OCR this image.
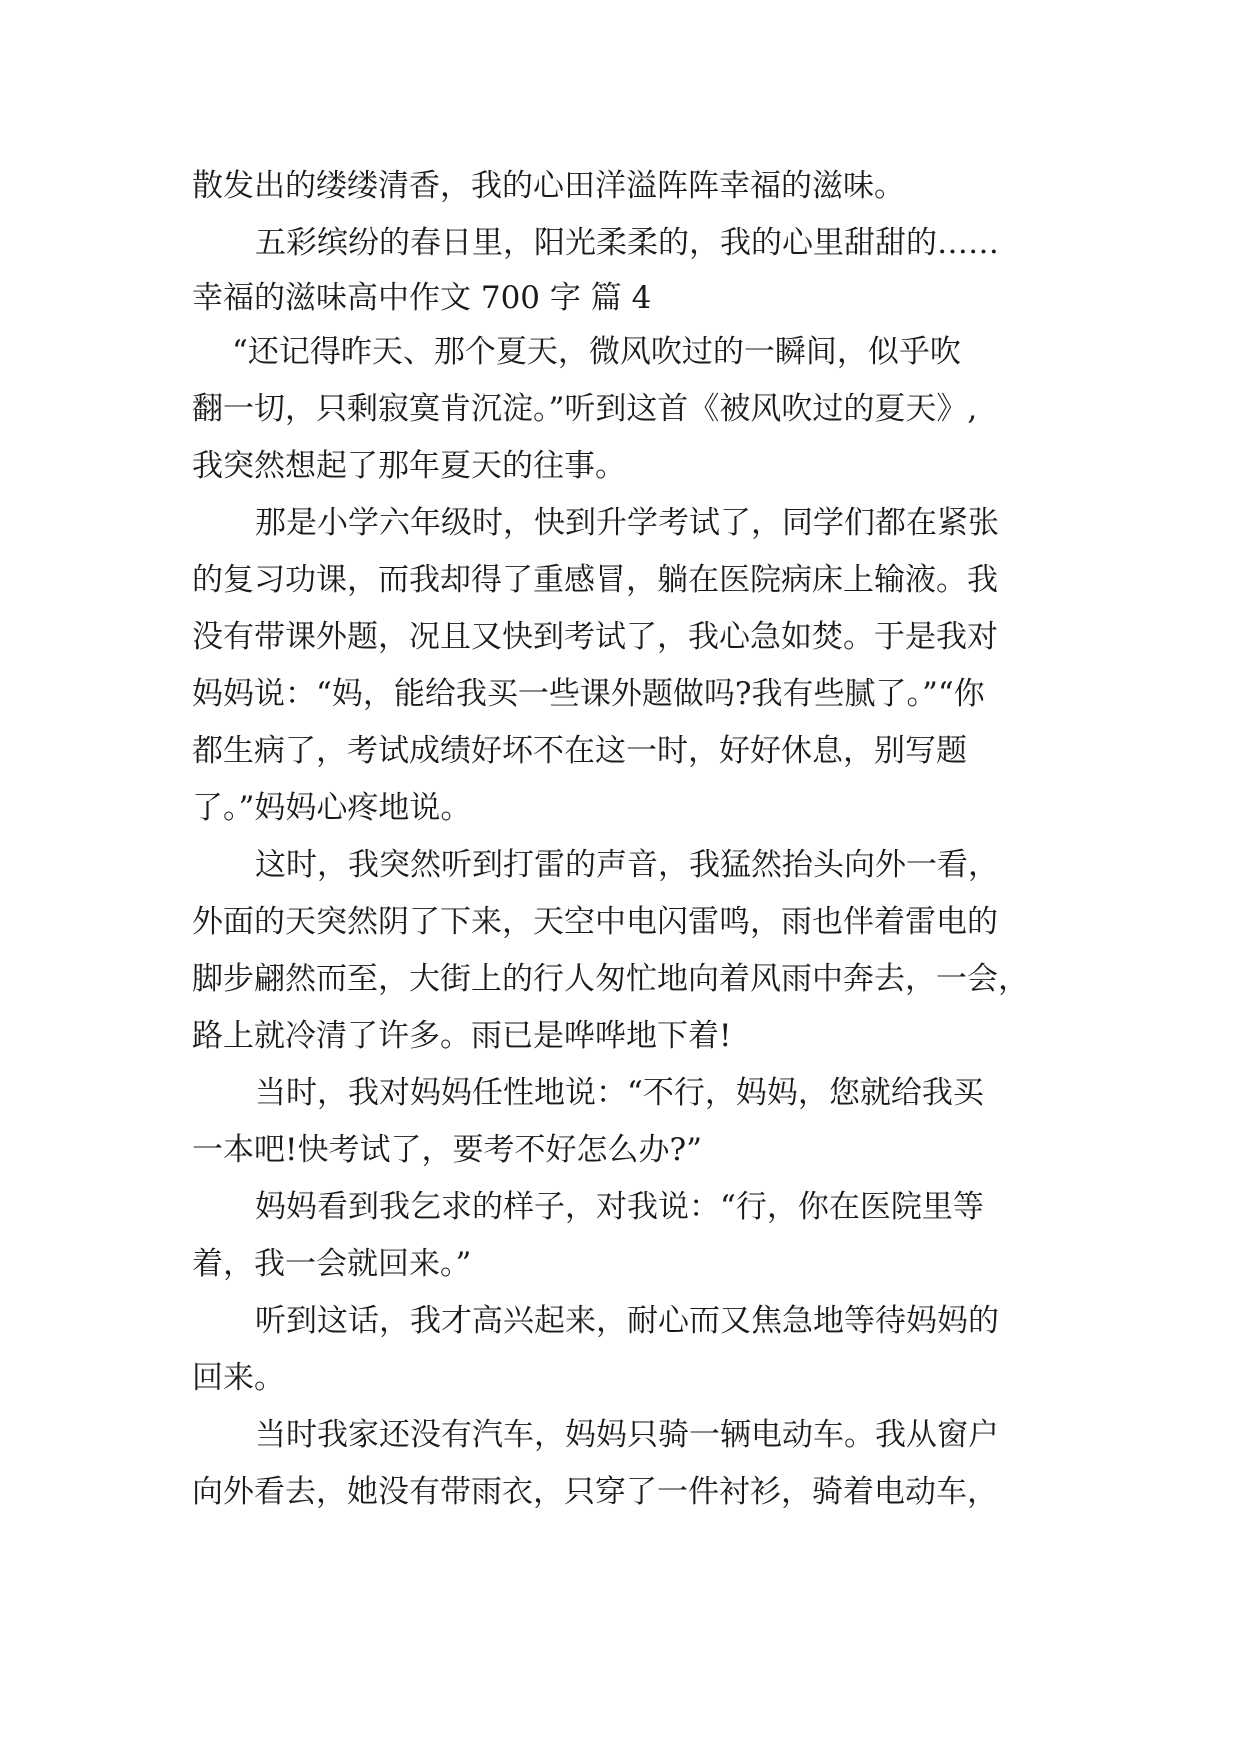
散发出的缕缕清香，我的心田洋溢阵阵幸福的滋味。
五彩缤纷的春日里，阳光柔柔的，我的心里甜甜的……
幸福的滋味高中作文 700 字 篇 4
“还记得昨天、那个夏天，微风吹过的一瞬间，似乎吹
翻一切，只剩寂寞肯沉淀。”听到这首《被风吹过的夏天》,
我突然想起了那年夏天的往事。
那是小学六年级时，快到升学考试了，同学们都在紧张
的复习功课，而我却得了重感冒，躺在医院病床上输液。我
没有带课外题，况且又快到考试了，我心急如焚。于是我对
妈妈说：“妈，能给我买一些课外题做吗?我有些腻了。”“你
都生病了，考试成绩好坏不在这一时，好好休息，别写题
了。”妈妈心疼地说。
这时，我突然听到打雷的声音，我猛然抬头向外一看，
外面的天突然阴了下来，天空中电闪雷鸣，雨也伴着雷电的
脚步翩然而至，大街上的行人匆忙地向着风雨中奔去，一会，
路上就冷清了许多。雨已是哗哗地下着!
当时，我对妈妈任性地说：“不行，妈妈，您就给我买
一本吧!快考试了，要考不好怎么办?”
妈妈看到我乞求的样子，对我说：“行，你在医院里等
着，我一会就回来。”
听到这话，我才高兴起来，耐心而又焦急地等待妈妈的
回来。
当时我家还没有汽车，妈妈只骑一辆电动车。我从窗户
向外看去，她没有带雨衣，只穿了一件衬衫，骑着电动车，
